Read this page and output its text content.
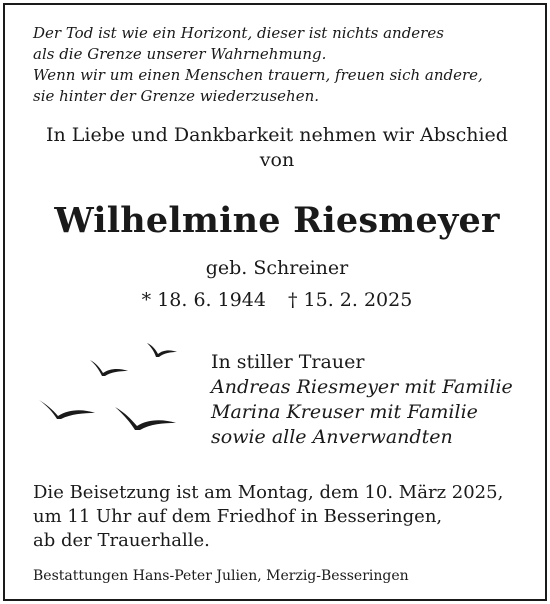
Der Tod ist wie ein Horizont, dieser ist nichts anderes
als die Grenze unserer Wahrnehmung.
Wenn wir um einen Menschen trauern, freuen sich andere,
sie hinter der Grenze wiederzusehen.
In Liebe und Dankbarkeit nehmen wir Abschied
von
Wilhelmine Riesmeyer
geb. Schreiner
* 18. 6. 1944 † 15. 2. 2025
In stiller Trauer
Andreas Riesmeyer mit Familie
Marina Kreuser mit Familie
sowie alle Anverwandten
Die Beisetzung ist am Montag, dem 10. März 2025,
um 11 Uhr auf dem Friedhof in Besseringen,
ab der Trauerhalle.
Bestattungen Hans-Peter Julien, Merzig-Besseringen
